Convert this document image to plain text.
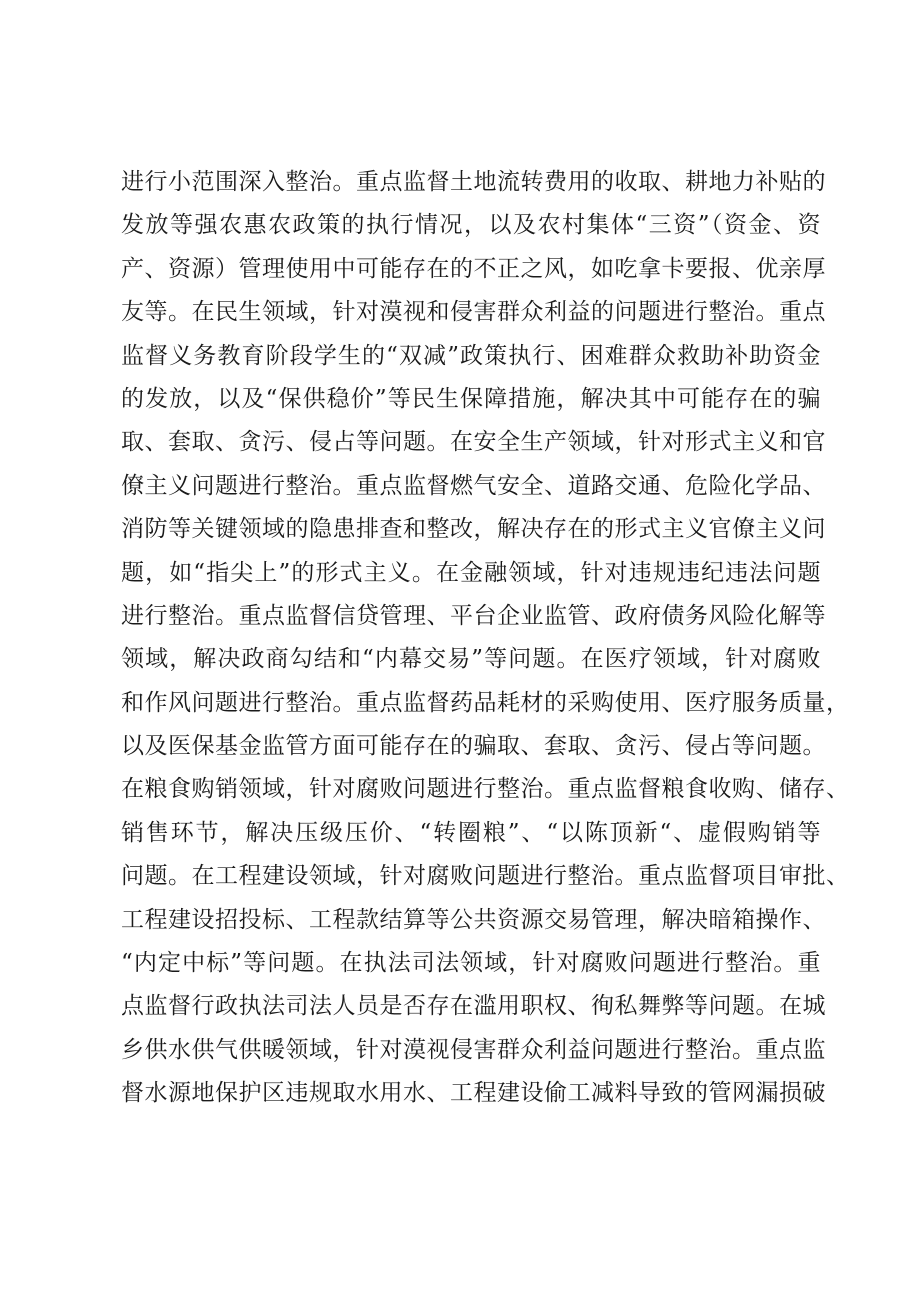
进行小范围深入整治。重点监督土地流转费用的收取、耕地力补贴的
发放等强农惠农政策的执行情况，以及农村集体“三资”（资金、资
产、资源）管理使用中可能存在的不正之风，如吃拿卡要报、优亲厚
友等。在民生领域，针对漠视和侵害群众利益的问题进行整治。重点
监督义务教育阶段学生的“双减”政策执行、困难群众救助补助资金
的发放，以及“保供稳价”等民生保障措施，解决其中可能存在的骗
取、套取、贪污、侵占等问题。在安全生产领域，针对形式主义和官
僚主义问题进行整治。重点监督燃气安全、道路交通、危险化学品、
消防等关键领域的隐患排查和整改，解决存在的形式主义官僚主义问
题，如“指尖上”的形式主义。在金融领域，针对违规违纪违法问题
进行整治。重点监督信贷管理、平台企业监管、政府债务风险化解等
领域，解决政商勾结和“内幕交易”等问题。在医疗领域，针对腐败
和作风问题进行整治。重点监督药品耗材的采购使用、医疗服务质量，
以及医保基金监管方面可能存在的骗取、套取、贪污、侵占等问题。
在粮食购销领域，针对腐败问题进行整治。重点监督粮食收购、储存、
销售环节，解决压级压价、“转圈粮”、“以陈顶新“、虚假购销等
问题。在工程建设领域，针对腐败问题进行整治。重点监督项目审批、
工程建设招投标、工程款结算等公共资源交易管理，解决暗箱操作、
“内定中标”等问题。在执法司法领域，针对腐败问题进行整治。重
点监督行政执法司法人员是否存在滥用职权、徇私舞弊等问题。在城
乡供水供气供暖领域，针对漠视侵害群众利益问题进行整治。重点监
督水源地保护区违规取水用水、工程建设偷工减料导致的管网漏损破
